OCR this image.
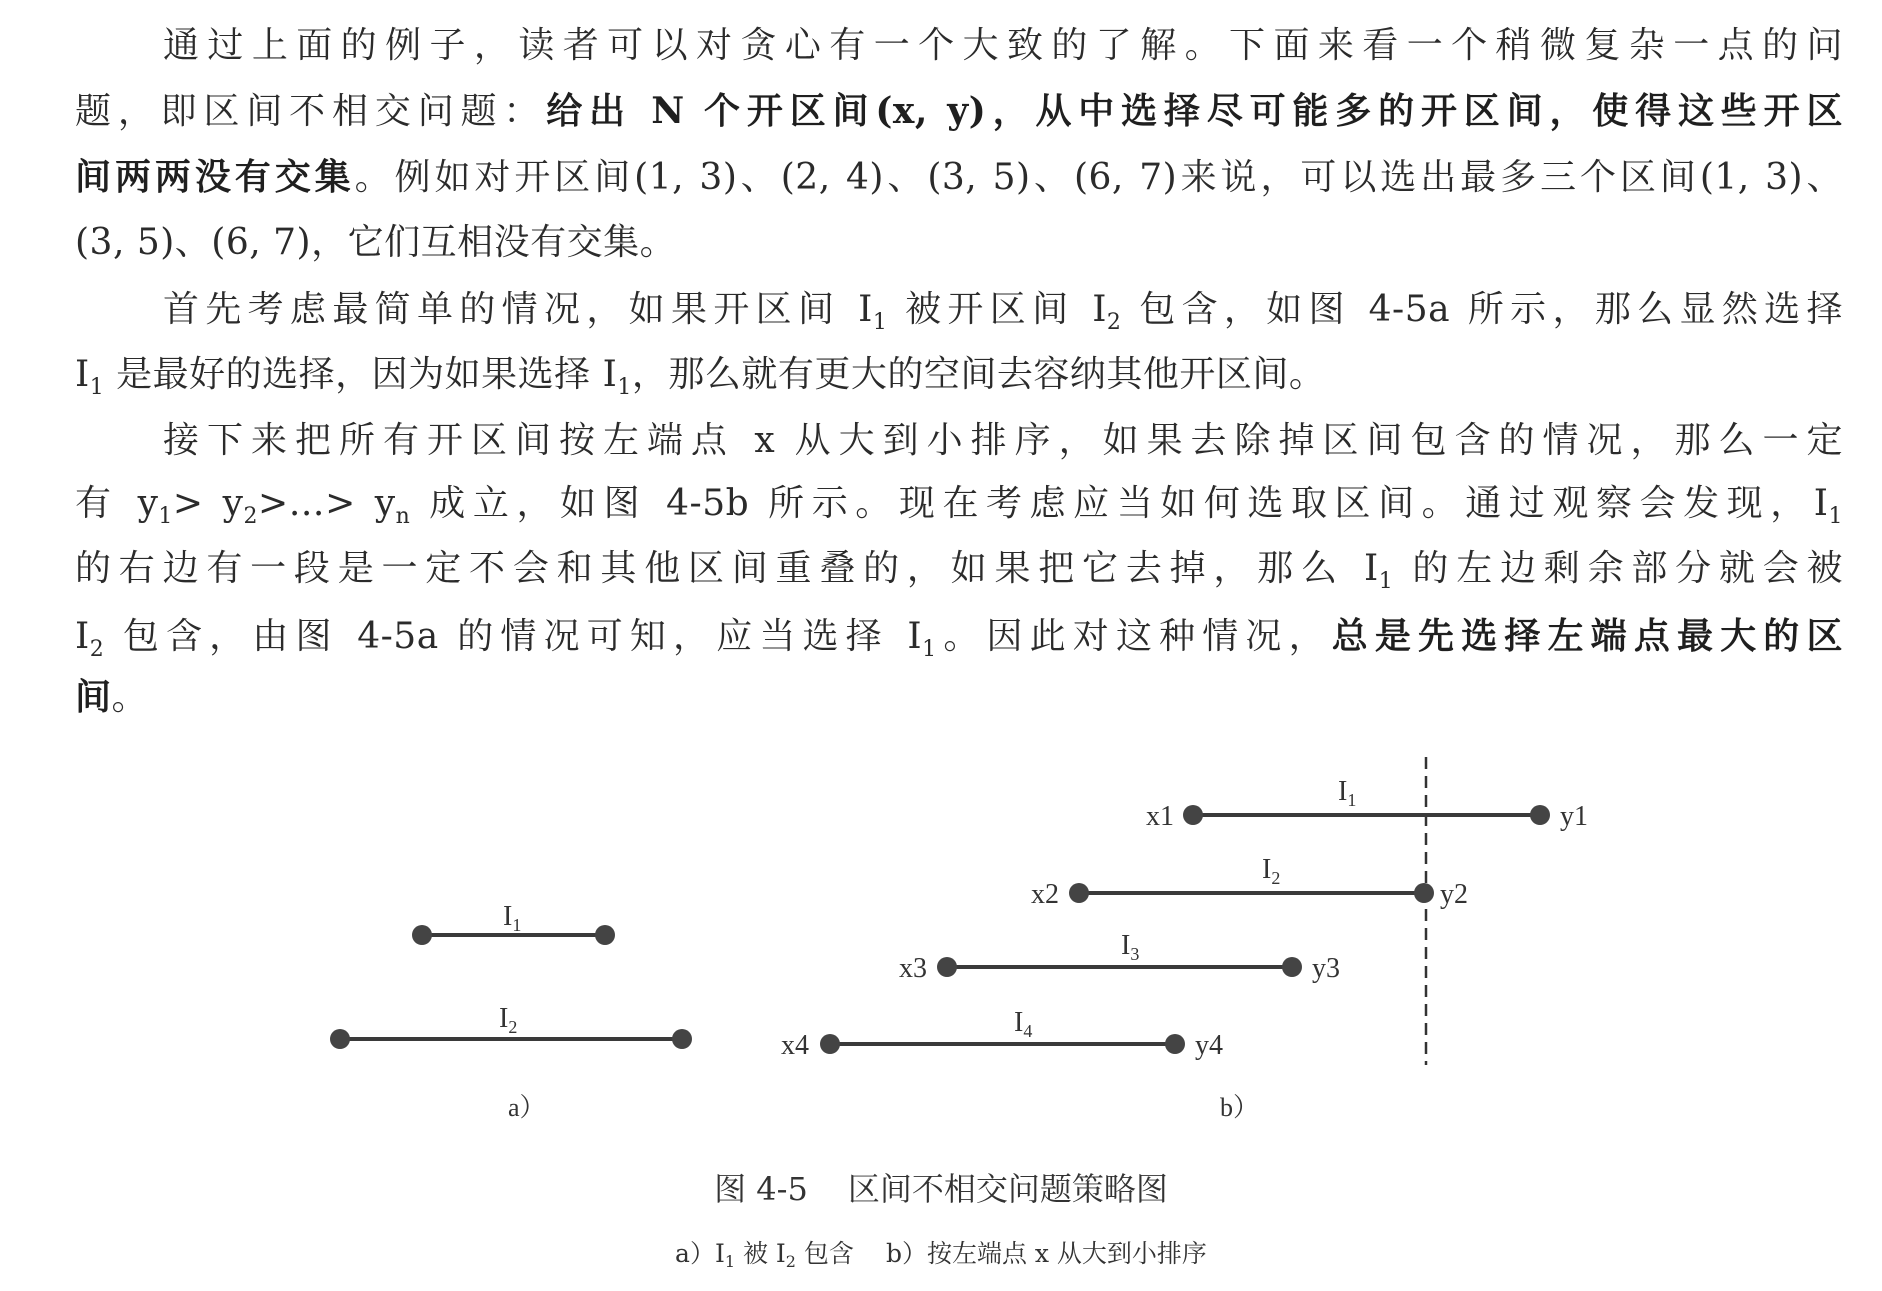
通过上面的例子，读者可以对贪心有一个大致的了解。下面来看一个稍微复杂一点的问
题，即区间不相交问题：给出 N 个开区间(x, y)，从中选择尽可能多的开区间，使得这些开区
间两两没有交集。例如对开区间(1, 3)、(2, 4)、(3, 5)、(6, 7)来说，可以选出最多三个区间(1, 3)、
(3, 5)、(6, 7)，它们互相没有交集。
首先考虑最简单的情况，如果开区间 $I_1$ 被开区间 $I_2$ 包含，如图 4-5a 所示，那么显然选择
$I_1$ 是最好的选择，因为如果选择 $I_1$，那么就有更大的空间去容纳其他开区间。
接下来把所有开区间按左端点 x 从大到小排序，如果去除掉区间包含的情况，那么一定
有 $y_1>$ $y_2>\dots> y_n$ 成立，如图 4-5b 所示。现在考虑应当如何选取区间。通过观察会发现，$I_1$
的右边有一段是一定不会和其他区间重叠的，如果把它去掉，那么 $I_1$ 的左边剩余部分就会被
$I_2$ 包含，由图 4-5a 的情况可知，应当选择 $I_1$。因此对这种情况，总是先选择左端点最大的区
间。
$I_1$
$I_2$
a）
x1	y1
$I_1$
x2	y2
$I_2$
x3	y3
$I_3$
x4	y4
$I_4$
b）
图 4-5 区间不相交问题策略图
$a)I_1$ 被 $I_2$ 包含 b）按左端点 x 从大到小排序
